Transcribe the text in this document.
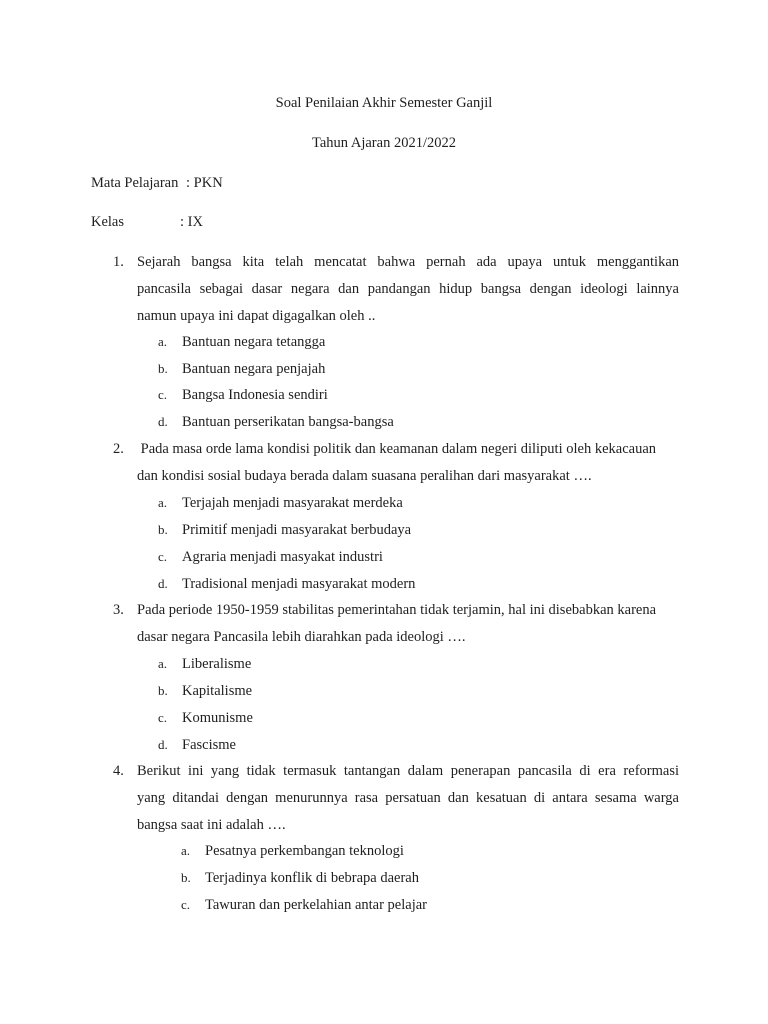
Soal Penilaian Akhir Semester Ganjil
Tahun Ajaran 2021/2022
Mata Pelajaran : PKN
Kelas	: IX
1. Sejarah bangsa kita telah mencatat bahwa pernah ada upaya untuk menggantikan
pancasila sebagai dasar negara dan pandangan hidup bangsa dengan ideologi lainnya
namun upaya ini dapat digagalkan oleh ..
a. Bantuan negara tetangga
b. Bantuan negara penjajah
c. Bangsa Indonesia sendiri
d. Bantuan perserikatan bangsa-bangsa
2. Pada masa orde lama kondisi politik dan keamanan dalam negeri diliputi oleh kekacauan
dan kondisi sosial budaya berada dalam suasana peralihan dari masyarakat ….
a. Terjajah menjadi masyarakat merdeka
b. Primitif menjadi masyarakat berbudaya
c. Agraria menjadi masyakat industri
d. Tradisional menjadi masyarakat modern
3. Pada periode 1950-1959 stabilitas pemerintahan tidak terjamin, hal ini disebabkan karena
dasar negara Pancasila lebih diarahkan pada ideologi ….
a. Liberalisme
b. Kapitalisme
c. Komunisme
d. Fascisme
4. Berikut ini yang tidak termasuk tantangan dalam penerapan pancasila di era reformasi
yang ditandai dengan menurunnya rasa persatuan dan kesatuan di antara sesama warga
bangsa saat ini adalah ….
a. Pesatnya perkembangan teknologi
b. Terjadinya konflik di bebrapa daerah
c. Tawuran dan perkelahian antar pelajar
